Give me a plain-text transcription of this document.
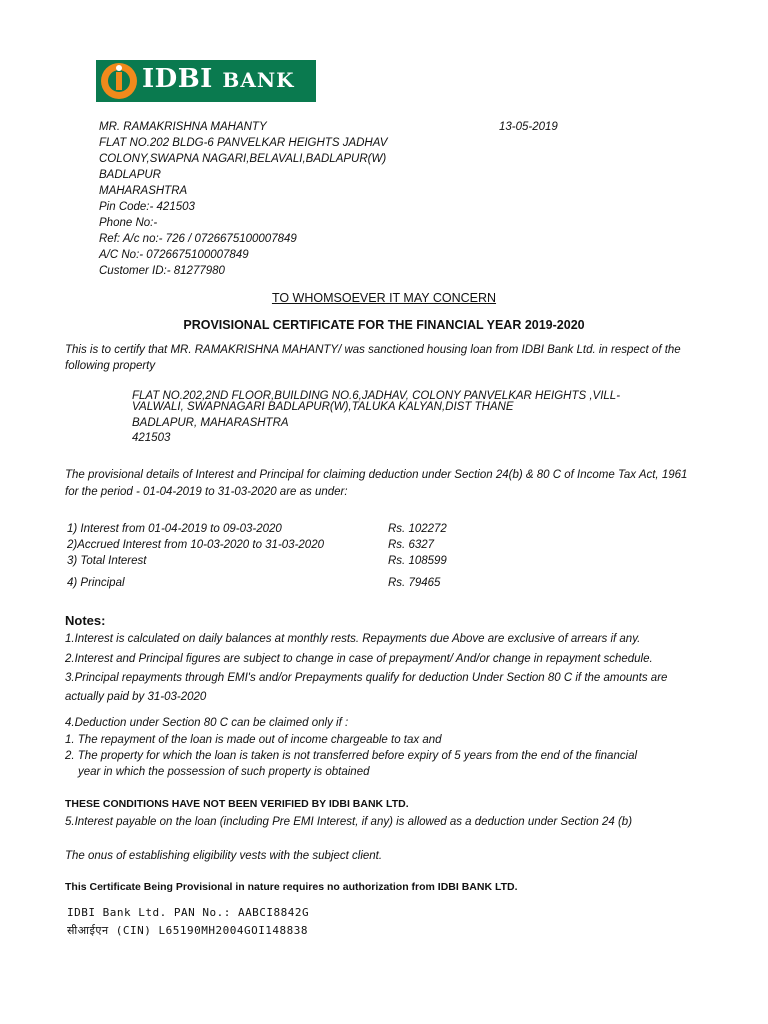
IDBI BANK
13-05-2019
MR. RAMAKRISHNA MAHANTY
FLAT NO.202 BLDG-6 PANVELKAR HEIGHTS JADHAV
COLONY,SWAPNA NAGARI,BELAVALI,BADLAPUR(W)
BADLAPUR
MAHARASHTRA
Pin Code:- 421503
Phone No:-
Ref: A/c no:- 726 / 0726675100007849
A/C No:- 0726675100007849
Customer ID:- 81277980
TO WHOMSOEVER IT MAY CONCERN
PROVISIONAL CERTIFICATE FOR THE FINANCIAL YEAR 2019-2020
This is to certify that MR. RAMAKRISHNA MAHANTY/ was sanctioned housing loan from IDBI Bank Ltd. in respect of the
following property
FLAT NO.202,2ND FLOOR,BUILDING NO.6,JADHAV, COLONY PANVELKAR HEIGHTS ,VILL-
VALWALI, SWAPNAGARI BADLAPUR(W),TALUKA KALYAN,DIST THANE
BADLAPUR, MAHARASHTRA
421503
The provisional details of Interest and Principal for claiming deduction under Section 24(b) & 80 C of Income Tax Act, 1961
for the period - 01-04-2019 to 31-03-2020 are as under:
1) Interest from 01-04-2019 to 09-03-2020	Rs. 102272
2)Accrued Interest from 10-03-2020 to 31-03-2020	Rs. 6327
3) Total Interest	Rs. 108599
4) Principal	Rs. 79465
Notes:
1.Interest is calculated on daily balances at monthly rests. Repayments due Above are exclusive of arrears if any.
2.Interest and Principal figures are subject to change in case of prepayment/ And/or change in repayment schedule.
3.Principal repayments through EMI's and/or Prepayments qualify for deduction Under Section 80 C if the amounts are
actually paid by 31-03-2020
4.Deduction under Section 80 C can be claimed only if :
1. The repayment of the loan is made out of income chargeable to tax and
2. The property for which the loan is taken is not transferred before expiry of 5 years from the end of the financial
year in which the possession of such property is obtained
THESE CONDITIONS HAVE NOT BEEN VERIFIED BY IDBI BANK LTD.
5.Interest payable on the loan (including Pre EMI Interest, if any) is allowed as a deduction under Section 24 (b)
The onus of establishing eligibility vests with the subject client.
This Certificate Being Provisional in nature requires no authorization from IDBI BANK LTD.
IDBI Bank Ltd. PAN No.: AABCI8842G
सीआईएन (CIN) L65190MH2004GOI148838
